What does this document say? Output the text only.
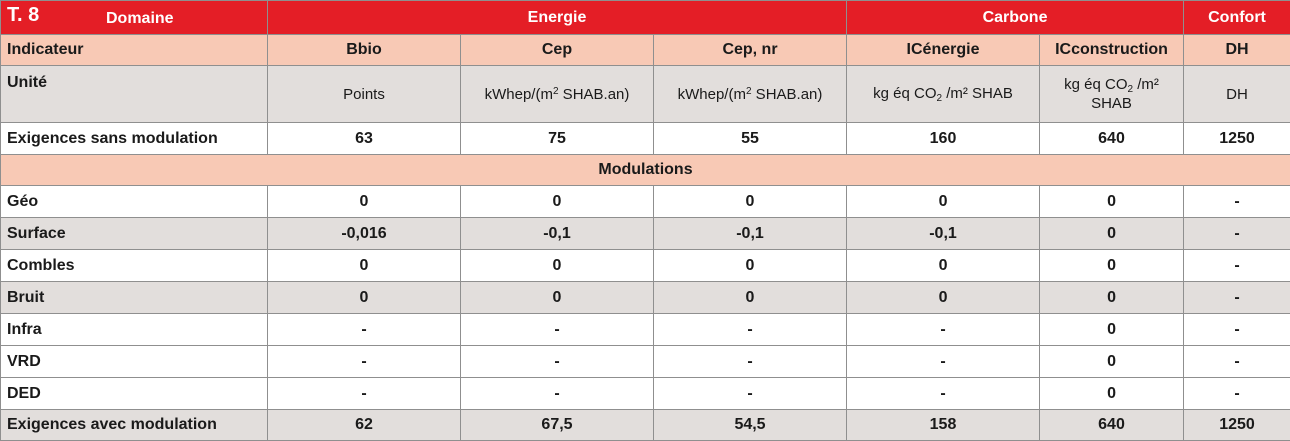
T. 8 Domaine	Energie			Carbone		Confort
Indicateur	Bbio	Cep	Cep, nr	ICénergie	ICconstruction	DH
Unité	Points	kWhep/($m^2$ SHAB.an)	kWhep/($m^2$ SHAB.an)	kg éq $CO_2$ /m² SHAB	kg éq $CO_2$ /m² SHAB	DH
Exigences sans modulation	63	75	55	160	640	1250
Modulations						
Géo	0	0	0	0	0	-
Surface	-0,016	-0,1	-0,1	-0,1	0	-
Combles	0	0	0	0	0	-
Bruit	0	0	0	0	0	-
Infra	-	-	-	-	0	-
VRD	-	-	-	-	0	-
DED	-	-	-	-	0	-
Exigences avec modulation	62	67,5	54,5	158	640	1250
